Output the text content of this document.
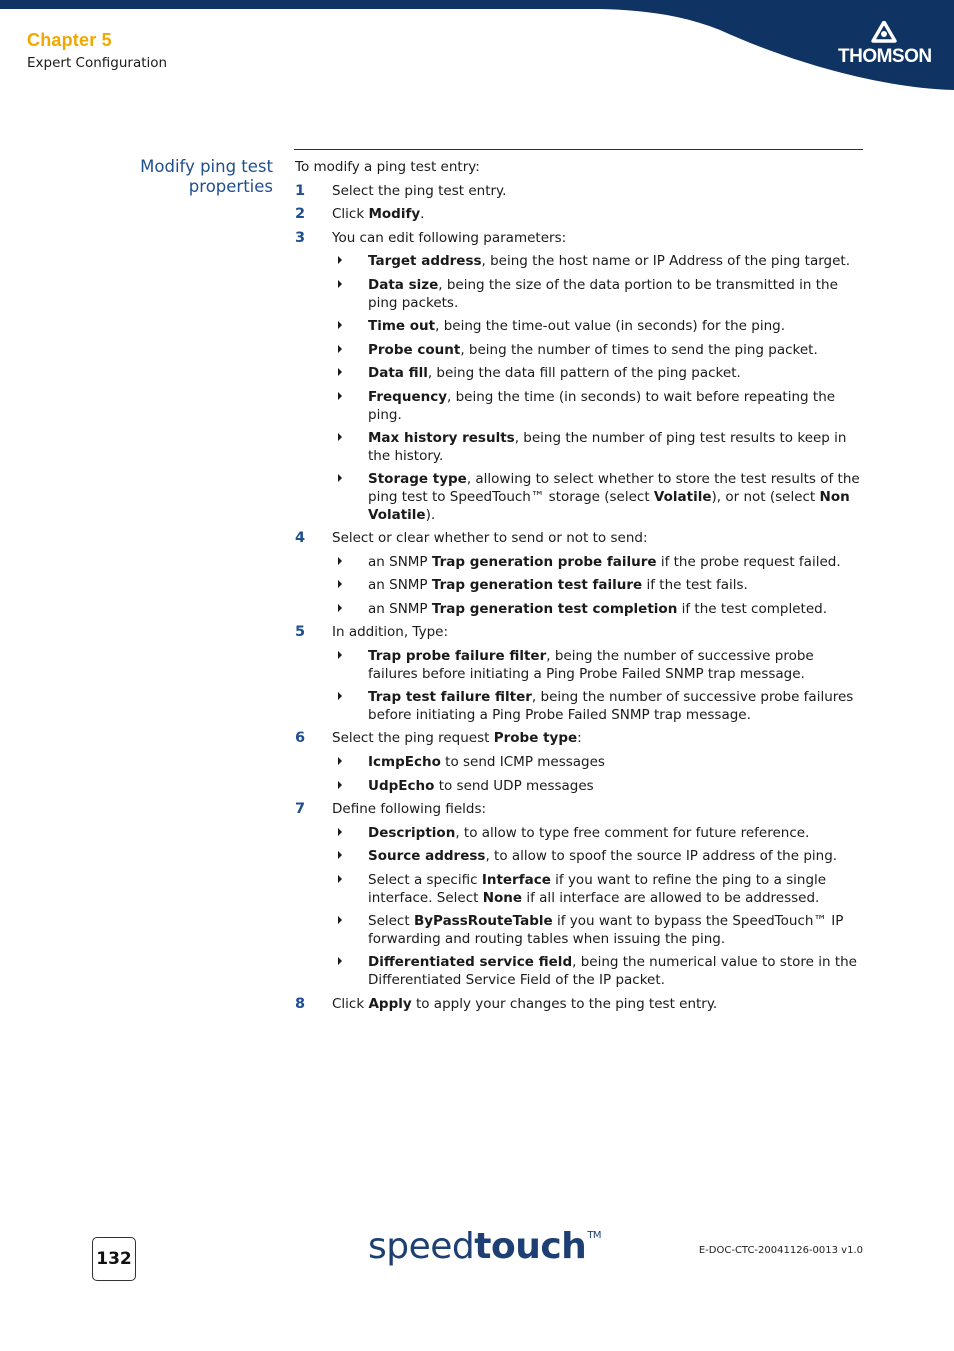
THOMSON
Chapter 5
Expert Configuration
Modify ping test properties

To modify a ping test entry:

1 Select the ping test entry.
2 Click Modify.
3 You can edit following parameters:
Target address, being the host name or IP Address of the ping target.
Data size, being the size of the data portion to be transmitted in the ping packets.
Time out, being the time-out value (in seconds) for the ping.
Probe count, being the number of times to send the ping packet.
Data fill, being the data fill pattern of the ping packet.
Frequency, being the time (in seconds) to wait before repeating the ping.
Max history results, being the number of ping test results to keep in the history.
Storage type, allowing to select whether to store the test results of the ping test to SpeedTouch™ storage (select Volatile), or not (select Non Volatile).
4 Select or clear whether to send or not to send:
an SNMP Trap generation probe failure if the probe request failed.
an SNMP Trap generation test failure if the test fails.
an SNMP Trap generation test completion if the test completed.
5 In addition, Type:
Trap probe failure filter, being the number of successive probe failures before initiating a Ping Probe Failed SNMP trap message.
Trap test failure filter, being the number of successive probe failures before initiating a Ping Probe Failed SNMP trap message.
6 Select the ping request Probe type:
IcmpEcho to send ICMP messages
UdpEcho to send UDP messages
7 Define following fields:
Description, to allow to type free comment for future reference.
Source address, to allow to spoof the source IP address of the ping.
Select a specific Interface if you want to refine the ping to a single interface. Select None if all interface are allowed to be addressed.
Select ByPassRouteTable if you want to bypass the SpeedTouch™ IP forwarding and routing tables when issuing the ping.
Differentiated service field, being the numerical value to store in the Differentiated Service Field of the IP packet.
8 Click Apply to apply your changes to the ping test entry.
132	speedtouch™
E-DOC-CTC-20041126-0013 v1.0
